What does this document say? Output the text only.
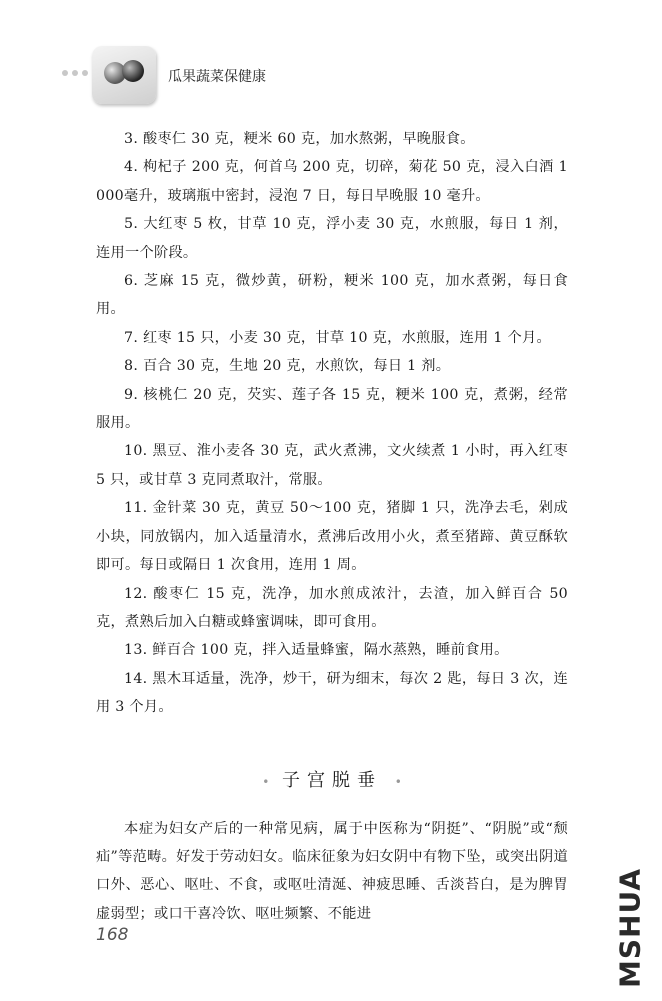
瓜果蔬菜保健康

3. 酸枣仁 30 克，粳米 60 克，加水熬粥，早晚服食。

4. 枸杞子 200 克，何首乌 200 克，切碎，菊花 50 克，浸入白酒 1 000毫升，玻璃瓶中密封，浸泡 7 日，每日早晚服 10 毫升。

5. 大红枣 5 枚，甘草 10 克，浮小麦 30 克，水煎服，每日 1 剂，连用一个阶段。

6. 芝麻 15 克，微炒黄，研粉，粳米 100 克，加水煮粥，每日食用。

7. 红枣 15 只，小麦 30 克，甘草 10 克，水煎服，连用 1 个月。

8. 百合 30 克，生地 20 克，水煎饮，每日 1 剂。

9. 核桃仁 20 克，芡实、莲子各 15 克，粳米 100 克，煮粥，经常服用。

10. 黑豆、淮小麦各 30 克，武火煮沸，文火续煮 1 小时，再入红枣 5 只，或甘草 3 克同煮取汁，常服。

11. 金针菜 30 克，黄豆 50～100 克，猪脚 1 只，洗净去毛，剁成小块，同放锅内，加入适量清水，煮沸后改用小火，煮至猪蹄、黄豆酥软即可。每日或隔日 1 次食用，连用 1 周。

12. 酸枣仁 15 克，洗净，加水煎成浓汁，去渣，加入鲜百合 50 克，煮熟后加入白糖或蜂蜜调味，即可食用。

13. 鲜百合 100 克，拌入适量蜂蜜，隔水蒸熟，睡前食用。

14. 黑木耳适量，洗净，炒干，研为细末，每次 2 匙，每日 3 次，连用 3 个月。

• 子宫脱垂 •

本症为妇女产后的一种常见病，属于中医称为“阴挺”、“阴脱”或“颓疝”等范畴。好发于劳动妇女。临床征象为妇女阴中有物下坠，或突出阴道口外、恶心、呕吐、不食，或呕吐清涎、神疲思睡、舌淡苔白，是为脾胃虚弱型；或口干喜冷饮、呕吐频繁、不能进

168	MSHUA
